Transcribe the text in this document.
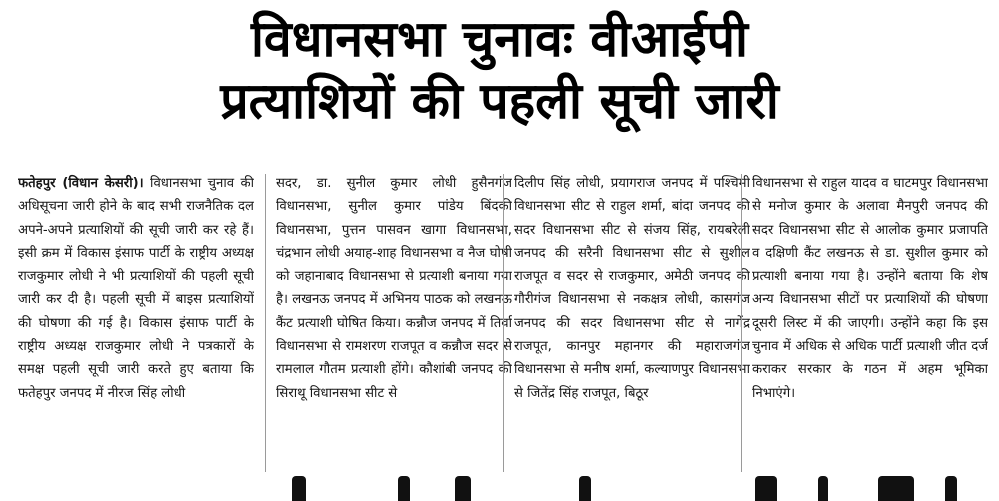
विधानसभा चुनावः वीआईपी
प्रत्याशियों की पहली सूची जारी

फतेहपुर (विधान केसरी)। विधानसभा चुनाव की अधिसूचना जारी होने के बाद सभी राजनैतिक दल अपने-अपने प्रत्याशियों की सूची जारी कर रहे हैं। इसी क्रम में विकास इंसाफ पार्टी के राष्ट्रीय अध्यक्ष राजकुमार लोधी ने भी प्रत्याशियों की पहली सूची जारी कर दी है। पहली सूची में बाइस प्रत्याशियों की घोषणा की गई है। विकास इंसाफ पार्टी के राष्ट्रीय अध्यक्ष राजकुमार लोधी ने पत्रकारों के समक्ष पहली सूची जारी करते हुए बताया कि फतेहपुर जनपद में नीरज सिंह लोधी

सदर, डा. सुनील कुमार लोधी हुसैनगंज विधानसभा, सुनील कुमार पांडेय बिंदकी विधानसभा, पुत्तन पासवन खागा विधानसभा, चंद्रभान लोधी अयाह-शाह विधानसभा व नैज घोषी को जहानाबाद विधानसभा से प्रत्याशी बनाया गया है। लखनऊ जनपद में अभिनय पाठक को लखनऊ कैंट प्रत्याशी घोषित किया। कन्नौज जनपद में तिर्वा विधानसभा से रामशरण राजपूत व कन्नौज सदर से रामलाल गौतम प्रत्याशी होंगे। कौशांबी जनपद की सिराथू विधानसभा सीट से

दिलीप सिंह लोधी, प्रयागराज जनपद में पश्चिमी विधानसभा सीट से राहुल शर्मा, बांदा जनपद की सदर विधानसभा सीट से संजय सिंह, रायबरेली जनपद की सरैनी विधानसभा सीट से सुशील राजपूत व सदर से राजकुमार, अमेठी जनपद की गौरीगंज विधानसभा से नकक्षत्र लोधी, कासगंज जनपद की सदर विधानसभा सीट से नागेंद्र राजपूत, कानपुर महानगर की महाराजगंज विधानसभा से मनीष शर्मा, कल्याणपुर विधानसभा से जितेंद्र सिंह राजपूत, बिठूर

विधानसभा से राहुल यादव व घाटमपुर विधानसभा से मनोज कुमार के अलावा मैनपुरी जनपद की सदर विधानसभा सीट से आलोक कुमार प्रजापति व दक्षिणी कैंट लखनऊ से डा. सुशील कुमार को प्रत्याशी बनाया गया है। उन्होंने बताया कि शेष अन्य विधानसभा सीटों पर प्रत्याशियों की घोषणा दूसरी लिस्ट में की जाएगी। उन्होंने कहा कि इस चुनाव में अधिक से अधिक पार्टी प्रत्याशी जीत दर्ज कराकर सरकार के गठन में अहम भूमिका निभाएंगे।
